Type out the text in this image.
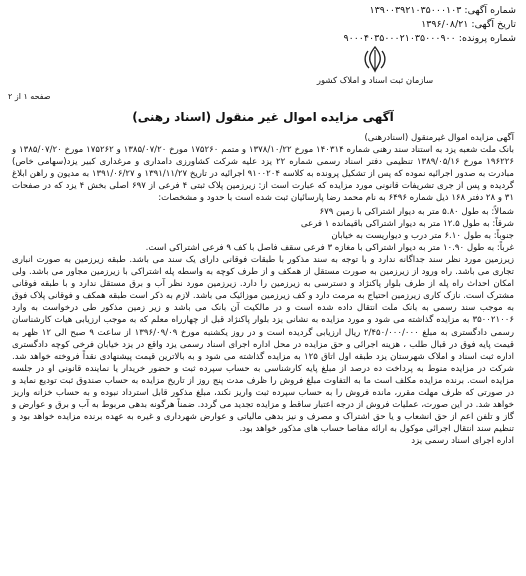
شماره آگهی: ۱۳۹۰۰۳۹۲۱۰۳۵۰۰۰۱۰۳
تاریخ آگهی: ۱۳۹۶/۰۸/۲۱
شماره پرونده: ۹۰۰۰۴۰۳۵۰۰۰۲۱۰۳۵۰۰۰۹۰۰
سازمان ثبت اسناد و املاک کشور
صفحه ۱ از ۲
آگهی مزایده اموال غیر منقول (اسناد رهنی)

آگهی مزایده اموال غیرمنقول (اسنادرهنی)

بانک ملت شعبه یزد به استناد سند رهنی شماره ۱۴۰۳۱۴ مورخ ۱۳۷۸/۱۰/۲۲ و متمم ۱۷۵۲۶۰ مورخ ۱۳۸۵/۰۷/۲۰ و ۱۷۵۲۶۲ مورخ ۱۳۸۵/۰۷/۲۰ و ۱۹۶۲۲۶ مورخ ۱۳۸۹/۰۵/۱۶ تنظیمی دفتر اسناد رسمی شماره ۲۲ یزد علیه شرکت کشاورزی دامداری و مرغداری کبیر یزد(سهامی خاص) مبادرت به صدور اجرائیه نموده که پس از تشکیل پرونده به کلاسه ۹۱۰۰۲۰۴ اجرائیه در تاریخ ۱۳۹۱/۱۱/۲۷ و ۱۳۹۱/۰۶/۲۷ به مدیون و راهن ابلاغ گردیده و پس از جری تشریفات قانونی مورد مزایده که عبارت است از: زیرزمین پلاک ثبتی ۴ فرعی از ۶۹۷ اصلی بخش ۴ یزد که در صفحات ۳۱ و ۲۸ دفتر ۱۶۸ ذیل شماره ۶۴۹۶ به نام محمد رضا پارسائیان ثبت شده است با حدود و مشخصات:

شمالاً: به طول ۵.۸۰ متر به دیوار اشتراکی با زمین ۶۷۹

شرقاً: به طول ۱۲.۵ متر به دیوار اشتراکی باقیمانده ۱ فرعی

جنوباً: به طول ۶.۱۰ متر درب و دیواریست به خیابان

غرباً: به طول ۱۰.۹۰ متر به دیوار اشتراکی با مغازه ۳ فرعی سقف فاصل با کف ۹ فرعی اشتراکی است.

زیرزمین مورد نظر سند جداگانه ندارد و با توجه به سند مذکور با طبقات فوقانی دارای یک سند می باشد. طبقه زیرزمین به صورت انباری تجاری می باشد. راه ورود از زیرزمین به صورت مستقل از همکف و از طرف کوچه به واسطه پله اشتراکی با زیرزمین مجاور می باشد. ولی امکان احداث راه پله از طرف بلوار پاکنژاد و دسترسی به زیرزمین را دارد. زیرزمین مورد نظر آب و برق مستقل ندارد و با طبقه فوقانی مشترک است. نازک کاری زیرزمین احتیاج به مرمت دارد و کف زیرزمین موزائیک می باشد. لازم به ذکر است طبقه همکف و فوقانی پلاک فوق به موجب سند رسمی به بانک ملت انتقال داده شده است و در مالکیت آن بانک می باشد و زیر زمین مذکور طی درخواست به وارد ۳۵۰۰۲۱۰۰۶ به مزایده گذاشته می شود و مورد مزایده به نشانی یزد بلوار پاکنژاد قبل از چهارراه معلم که به موجب ارزیابی هیات کارشناسان رسمی دادگستری به مبلغ ۲/۴۵۰/۰۰۰/۰۰۰ ریال ارزیابی گردیده است و در روز یکشنبه مورخ ۱۳۹۶/۰۹/۰۹ از ساعت ۹ صبح الی ۱۲ ظهر به قیمت پایه فوق در قبال طلب ، هزینه اجرائی و حق مزایده در محل اداره اجرای اسناد رسمی یزد واقع در یزد خیابان فرخی کوچه دادگستری اداره ثبت اسناد و املاک شهرستان یزد طبقه اول اتاق ۱۲۵ به مزایده گذاشته می شود و به بالاترین قیمت پیشنهادی نقداً فروخته خواهد شد. شرکت در مزایده منوط به پرداخت ده درصد از مبلغ پایه کارشناسی به حساب سپرده ثبت و حضور خریدار یا نماینده قانونی او در جلسه مزایده است. برنده مزایده مکلف است ما به التفاوت مبلغ فروش را ظرف مدت پنج روز از تاریخ مزایده به حساب صندوق ثبت تودیع نماید و در صورتی که ظرف مهلت مقرر، مانده فروش را به حساب سپرده ثبت واریز نکند، مبلغ مذکور قابل استرداد نبوده و به حساب خزانه واریز خواهد شد. در این صورت، عملیات فروش از درجه اعتبار ساقط و مزایده تجدید می گردد. ضمناً هرگونه بدهی مربوط به آب و برق و عوارض و گاز و تلفن اعم از حق انشعاب و یا حق اشتراک و مصرف و نیز بدهی مالیاتی و عوارض شهرداری و غیره به عهده برنده مزایده خواهد بود و تنظیم سند انتقال اجرائی موکول به ارائه مفاصا حساب های مذکور خواهد بود.

اداره اجرای اسناد رسمی یزد
